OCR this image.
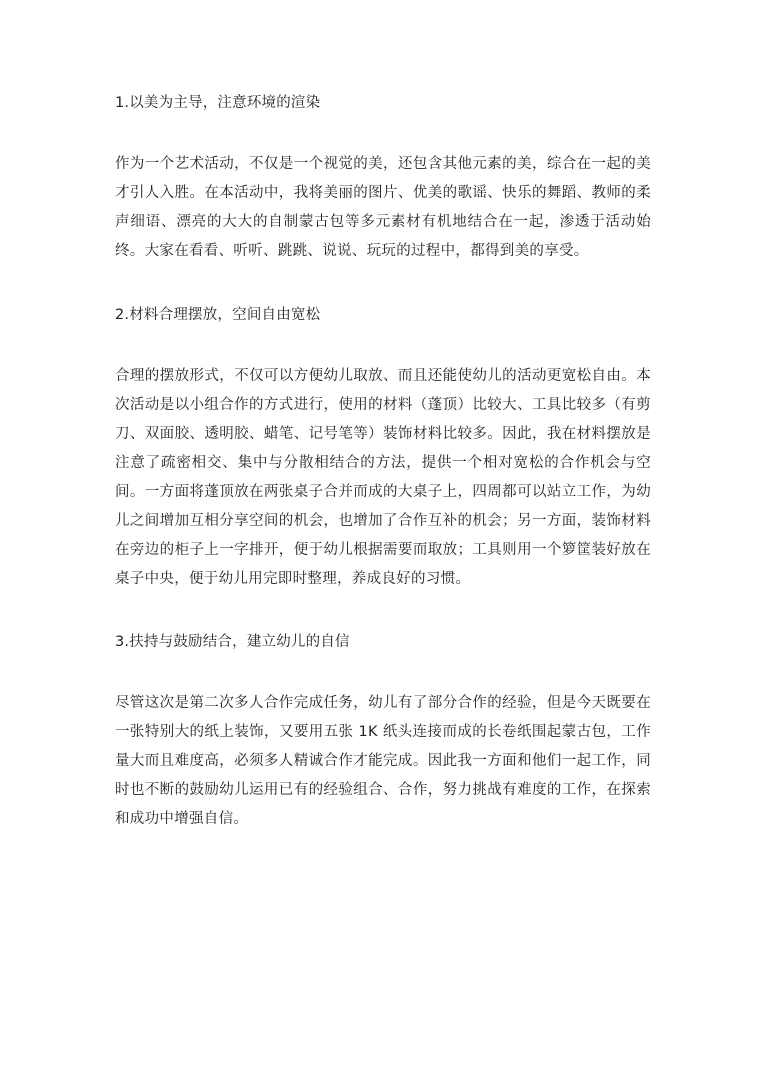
1.以美为主导，注意环境的渲染

作为一个艺术活动，不仅是一个视觉的美，还包含其他元素的美，综合在一起的美才引人入胜。在本活动中，我将美丽的图片、优美的歌谣、快乐的舞蹈、教师的柔声细语、漂亮的大大的自制蒙古包等多元素材有机地结合在一起，渗透于活动始终。大家在看看、听听、跳跳、说说、玩玩的过程中，都得到美的享受。

2.材料合理摆放，空间自由宽松

合理的摆放形式，不仅可以方便幼儿取放、而且还能使幼儿的活动更宽松自由。本次活动是以小组合作的方式进行，使用的材料（蓬顶）比较大、工具比较多（有剪刀、双面胶、透明胶、蜡笔、记号笔等）装饰材料比较多。因此，我在材料摆放是注意了疏密相交、集中与分散相结合的方法，提供一个相对宽松的合作机会与空间。一方面将蓬顶放在两张桌子合并而成的大桌子上，四周都可以站立工作，为幼儿之间增加互相分享空间的机会，也增加了合作互补的机会；另一方面，装饰材料在旁边的柜子上一字排开，便于幼儿根据需要而取放；工具则用一个箩筐装好放在桌子中央，便于幼儿用完即时整理，养成良好的习惯。

3.扶持与鼓励结合，建立幼儿的自信

尽管这次是第二次多人合作完成任务，幼儿有了部分合作的经验，但是今天既要在一张特别大的纸上装饰，又要用五张 1K 纸头连接而成的长卷纸围起蒙古包，工作量大而且难度高，必须多人精诚合作才能完成。因此我一方面和他们一起工作，同时也不断的鼓励幼儿运用已有的经验组合、合作，努力挑战有难度的工作，在探索和成功中增强自信。
